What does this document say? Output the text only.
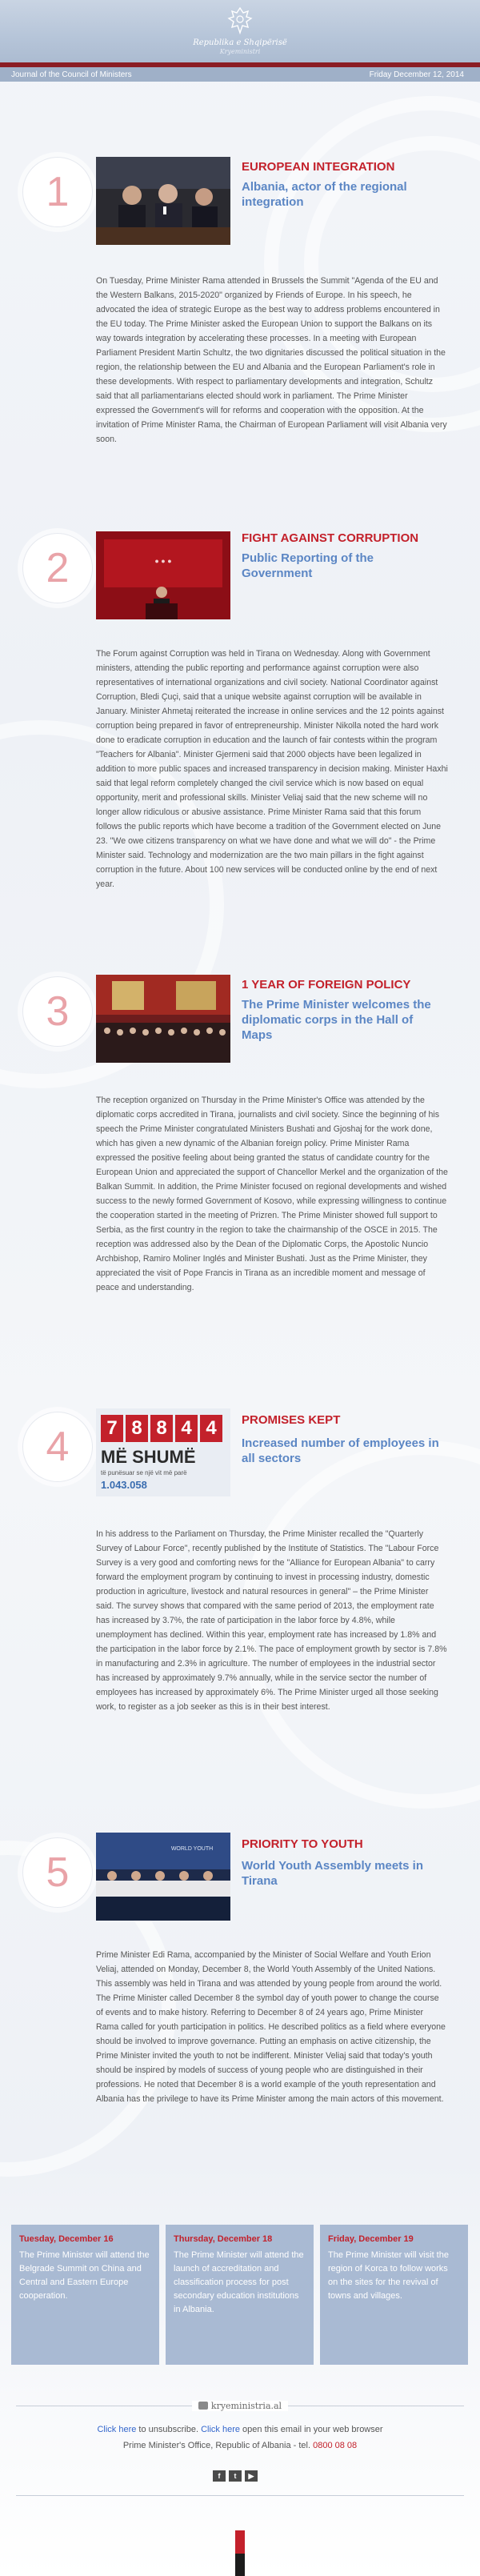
Republika e Shqipërisë
Kryeministri
Journal of the Council of Ministers	Friday December 12, 2014
1
EUROPEAN INTEGRATION
Albania, actor of the regional integration
On Tuesday, Prime Minister Rama attended in Brussels the Summit "Agenda of the EU and the Western Balkans, 2015-2020" organized by Friends of Europe. In his speech, he advocated the idea of strategic Europe as the best way to address problems encountered in the EU today. The Prime Minister asked the European Union to support the Balkans on its way towards integration by accelerating these processes. In a meeting with European Parliament President Martin Schultz, the two dignitaries discussed the political situation in the region, the relationship between the EU and Albania and the European Parliament's role in these developments. With respect to parliamentary developments and integration, Schultz said that all parliamentarians elected should work in parliament. The Prime Minister expressed the Government's will for reforms and cooperation with the opposition. At the invitation of Prime Minister Rama, the Chairman of European Parliament will visit Albania very soon.
2	● ● ●
FIGHT AGAINST CORRUPTION
Public Reporting of the Government
The Forum against Corruption was held in Tirana on Wednesday. Along with Government ministers, attending the public reporting and performance against corruption were also representatives of international organizations and civil society. National Coordinator against Corruption, Bledi Çuçi, said that a unique website against corruption will be available in January. Minister Ahmetaj reiterated the increase in online services and the 12 points against corruption being prepared in favor of entrepreneurship. Minister Nikolla noted the hard work done to eradicate corruption in education and the launch of fair contests within the program "Teachers for Albania". Minister Gjermeni said that 2000 objects have been legalized in addition to more public spaces and increased transparency in decision making. Minister Haxhi said that legal reform completely changed the civil service which is now based on equal opportunity, merit and professional skills. Minister Veliaj said that the new scheme will no longer allow ridiculous or abusive assistance. Prime Minister Rama said that this forum follows the public reports which have become a tradition of the Government elected on June 23. "We owe citizens transparency on what we have done and what we will do" - the Prime Minister said. Technology and modernization are the two main pillars in the fight against corruption in the future. About 100 new services will be conducted online by the end of next year.
3
1 YEAR OF FOREIGN POLICY
The Prime Minister welcomes the diplomatic corps in the Hall of Maps
The reception organized on Thursday in the Prime Minister's Office was attended by the diplomatic corps accredited in Tirana, journalists and civil society. Since the beginning of his speech the Prime Minister congratulated Ministers Bushati and Gjoshaj for the work done, which has given a new dynamic of the Albanian foreign policy. Prime Minister Rama expressed the positive feeling about being granted the status of candidate country for the European Union and appreciated the support of Chancellor Merkel and the organization of the Balkan Summit. In addition, the Prime Minister focused on regional developments and wished success to the newly formed Government of Kosovo, while expressing willingness to continue the cooperation started in the meeting of Prizren. The Prime Minister showed full support to Serbia, as the first country in the region to take the chairmanship of the OSCE in 2015. The reception was addressed also by the Dean of the Diplomatic Corps, the Apostolic Nuncio Archbishop, Ramiro Moliner Inglés and Minister Bushati. Just as the Prime Minister, they appreciated the visit of Pope Francis in Tirana as an incredible moment and message of peace and understanding.
4	7 8 8 4 4
MË SHUMË
të punësuar se një vit më parë
1.043.058
PROMISES KEPT
Increased number of employees in all sectors
In his address to the Parliament on Thursday, the Prime Minister recalled the "Quarterly Survey of Labour Force", recently published by the Institute of Statistics. The "Labour Force Survey is a very good and comforting news for the "Alliance for European Albania" to carry forward the employment program by continuing to invest in processing industry, domestic production in agriculture, livestock and natural resources in general" – the Prime Minister said. The survey shows that compared with the same period of 2013, the employment rate has increased by 3.7%, the rate of participation in the labor force by 4.8%, while unemployment has declined. Within this year, employment rate has increased by 1.8% and the participation in the labor force by 2.1%. The pace of employment growth by sector is 7.8% in manufacturing and 2.3% in agriculture. The number of employees in the industrial sector has increased by approximately 9.7% annually, while in the service sector the number of employees has increased by approximately 6%. The Prime Minister urged all those seeking work, to register as a job seeker as this is in their best interest.
5
WORLD YOUTH PRIORITY TO YOUTH
World Youth Assembly meets in Tirana
Prime Minister Edi Rama, accompanied by the Minister of Social Welfare and Youth Erion Veliaj, attended on Monday, December 8, the World Youth Assembly of the United Nations. This assembly was held in Tirana and was attended by young people from around the world. The Prime Minister called December 8 the symbol day of youth power to change the course of events and to make history. Referring to December 8 of 24 years ago, Prime Minister Rama called for youth participation in politics. He described politics as a field where everyone should be involved to improve governance. Putting an emphasis on active citizenship, the Prime Minister invited the youth to not be indifferent. Minister Veliaj said that today's youth should be inspired by models of success of young people who are distinguished in their professions. He noted that December 8 is a world example of the youth representation and Albania has the privilege to have its Prime Minister among the main actors of this movement.
Tuesday, December 16
The Prime Minister will attend the Belgrade Summit on China and Central and Eastern Europe cooperation.
Thursday, December 18
The Prime Minister will attend the launch of accreditation and classification process for post secondary education institutions in Albania.
Friday, December 19
The Prime Minister will visit the region of Korca to follow works on the sites for the revival of towns and villages.
kryeministria.al
Click here to unsubscribe. Click here open this email in your web browser
Prime Minister's Office, Republic of Albania - tel. 0800 08 08
f t ▶
